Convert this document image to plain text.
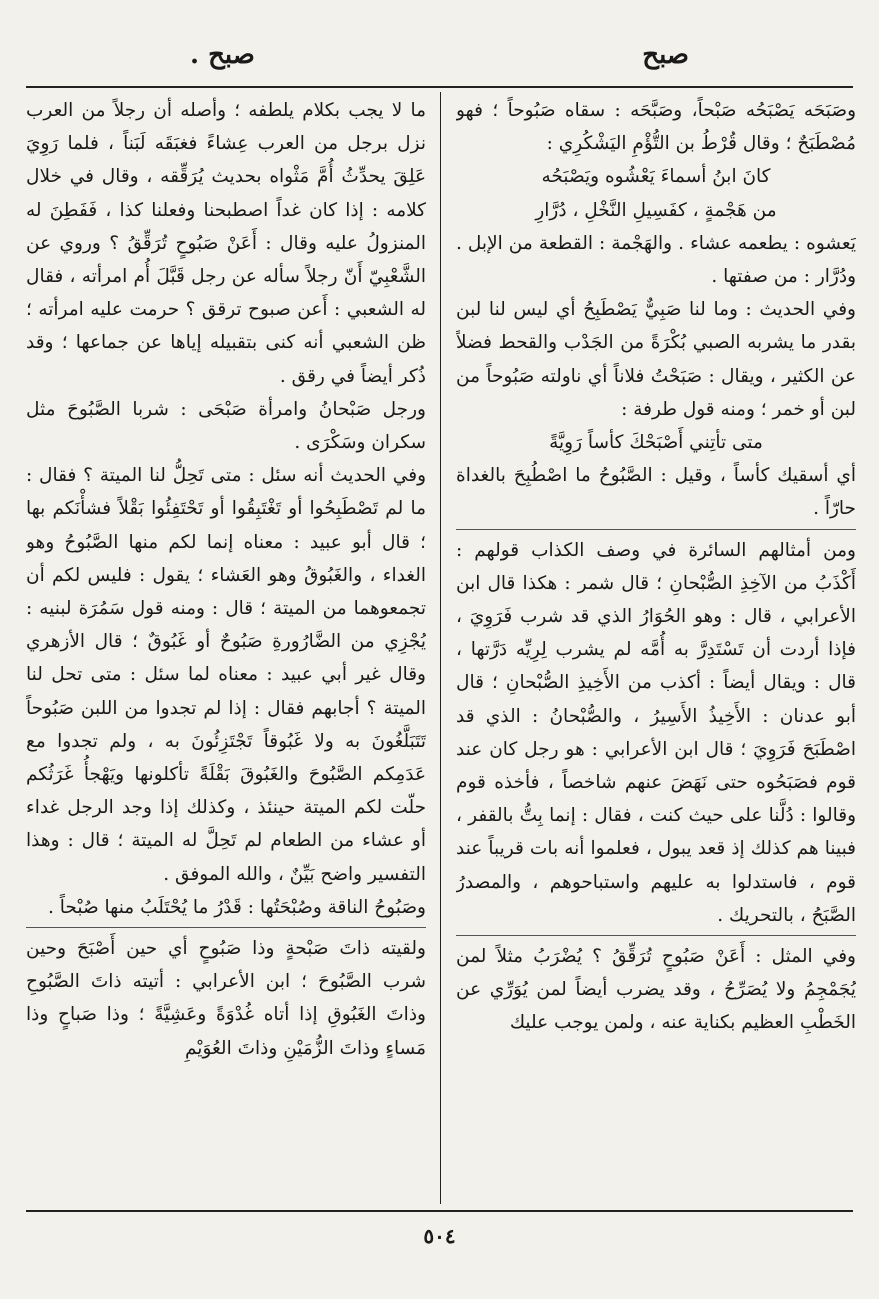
صبح
صبح .

وصَبَحَه يَصْبَحُه صَبْحاً، وصَبَّحَه : سقاه صَبُوحاً ؛ فهو مُصْطَبَحٌ ؛ وقال قُرْطُ بن التُّؤْمِ اليَشْكُرِي :

كانَ ابنُ أسماءَ يَعْشُوه ويَصْبَحُه

من هَجْمةٍ ، كفَسِيلِ النَّخْلِ ، دُرَّارِ

يَعشوه : يطعمه عشاء . والهَجْمة : القطعة من الإبل . ودُرَّار : من صفتها .

وفي الحديث : وما لنا صَبِيٌّ يَصْطَبِحُ أي ليس لنا لبن بقدر ما يشربه الصبي بُكْرَةً من الجَدْب والقحط فضلاً عن الكثير ، ويقال : صَبَحْتُ فلاناً أي ناولته صَبُوحاً من لبن أو خمر ؛ ومنه قول طرفة :

متى تأتِني أَصْبَحْكَ كأساً رَوِيَّةً

أي أسقيك كأساً ، وقيل : الصَّبُوحُ ما اصْطُبِحَ بالغداة حارّاً .

ومن أمثالهم السائرة في وصف الكذاب قولهم : أَكْذَبُ من الآخِذِ الصُّبْحانِ ؛ قال شمر : هكذا قال ابن الأعرابي ، قال : وهو الحُوَارُ الذي قد شرب فَرَوِيَ ، فإذا أردت أن تَسْتَدِرَّ به أُمَّه لم يشرب لِرِيِّه دَرَّتها ، قال : ويقال أيضاً : أكذب من الأَخِيذِ الصُّبْحانِ ؛ قال أبو عدنان : الأَخِيذُ الأَسِيرُ ، والصُّبْحانُ : الذي قد اصْطَبَحَ فَرَوِيَ ؛ قال ابن الأعرابي : هو رجل كان عند قوم فصَبَحُوه حتى نَهَضَ عنهم شاخصاً ، فأخذه قوم وقالوا : دُلَّنا على حيث كنت ، فقال : إنما بِتُّ بالقفر ، فبينا هم كذلك إذ قعد يبول ، فعلموا أنه بات قريباً عند قوم ، فاستدلوا به عليهم واستباحوهم ، والمصدرُ الصَّبَحُ ، بالتحريك .

وفي المثل : أَعَنْ صَبُوحٍ تُرَقِّقُ ؟ يُضْرَبُ مثلاً لمن يُجَمْجِمُ ولا يُصَرِّحُ ، وقد يضرب أيضاً لمن يُوَرِّي عن الخَطْبِ العظيم بكناية عنه ، ولمن يوجب عليك

ما لا يجب بكلام يلطفه ؛ وأصله أن رجلاً من العرب نزل برجل من العرب عِشاءً فغبَقَه لَبَناً ، فلما رَوِيَ عَلِقَ يحدِّثُ أُمَّ مَثْواه بحديث يُرَقِّقه ، وقال في خلال كلامه : إذا كان غداً اصطبحنا وفعلنا كذا ، فَفَطِنَ له المنزولُ عليه وقال : أَعَنْ صَبُوحٍ تُرَقِّقُ ؟ وروي عن الشَّعْبِيّ أَنّ رجلاً سأله عن رجل قَبَّلَ أُم امرأته ، فقال له الشعبي : أَعن صبوح ترقق ؟ حرمت عليه امرأته ؛ ظن الشعبي أنه كنى بتقبيله إياها عن جماعها ؛ وقد ذُكر أيضاً في رقق .

ورجل صَبْحانُ وامرأة صَبْحَى : شربا الصَّبُوحَ مثل سكران وسَكْرَى .

وفي الحديث أنه سئل : متى تَحِلُّ لنا الميتة ؟ فقال : ما لم تَصْطَبِحُوا أو تَغْتَبِقُوا أو تَحْتَفِئُوا بَقْلاً فشأْنَكم بها ؛ قال أبو عبيد : معناه إنما لكم منها الصَّبُوحُ وهو الغداء ، والغَبُوقُ وهو العَشاء ؛ يقول : فليس لكم أن تجمعوهما من الميتة ؛ قال : ومنه قول سَمُرَة لبنيه : يُجْزِي من الضَّارُورةِ صَبُوحٌ أو غَبُوقٌ ؛ قال الأزهري وقال غير أبي عبيد : معناه لما سئل : متى تحل لنا الميتة ؟ أجابهم فقال : إذا لم تجدوا من اللبن صَبُوحاً تَتَبَلَّغُونَ به ولا غَبُوقاً تَجْتَزِئُونَ به ، ولم تجدوا مع عَدَمِكم الصَّبُوحَ والغَبُوقَ بَقْلَةً تأكلونها ويَهْجأُ غَرَثُكم حلّت لكم الميتة حينئذ ، وكذلك إذا وجد الرجل غداء أو عشاء من الطعام لم تَحِلَّ له الميتة ؛ قال : وهذا التفسير واضح بَيِّنٌ ، والله الموفق .

وصَبُوحُ الناقة وصُبْحَتُها : قَدْرُ ما يُحْتَلَبُ منها صُبْحاً .

ولقيته ذاتَ صَبْحةٍ وذا صَبُوحٍ أي حين أَصْبَحَ وحين شرب الصَّبُوحَ ؛ ابن الأعرابي : أتيته ذاتَ الصَّبُوحِ وذاتَ الغَبُوقِ إذا أتاه غُدْوَةً وعَشِيَّةً ؛ وذا صَباحٍ وذا مَساءٍ وذاتَ الزُّمَيْنِ وذاتَ العُوَيْمِ

٥٠٤
